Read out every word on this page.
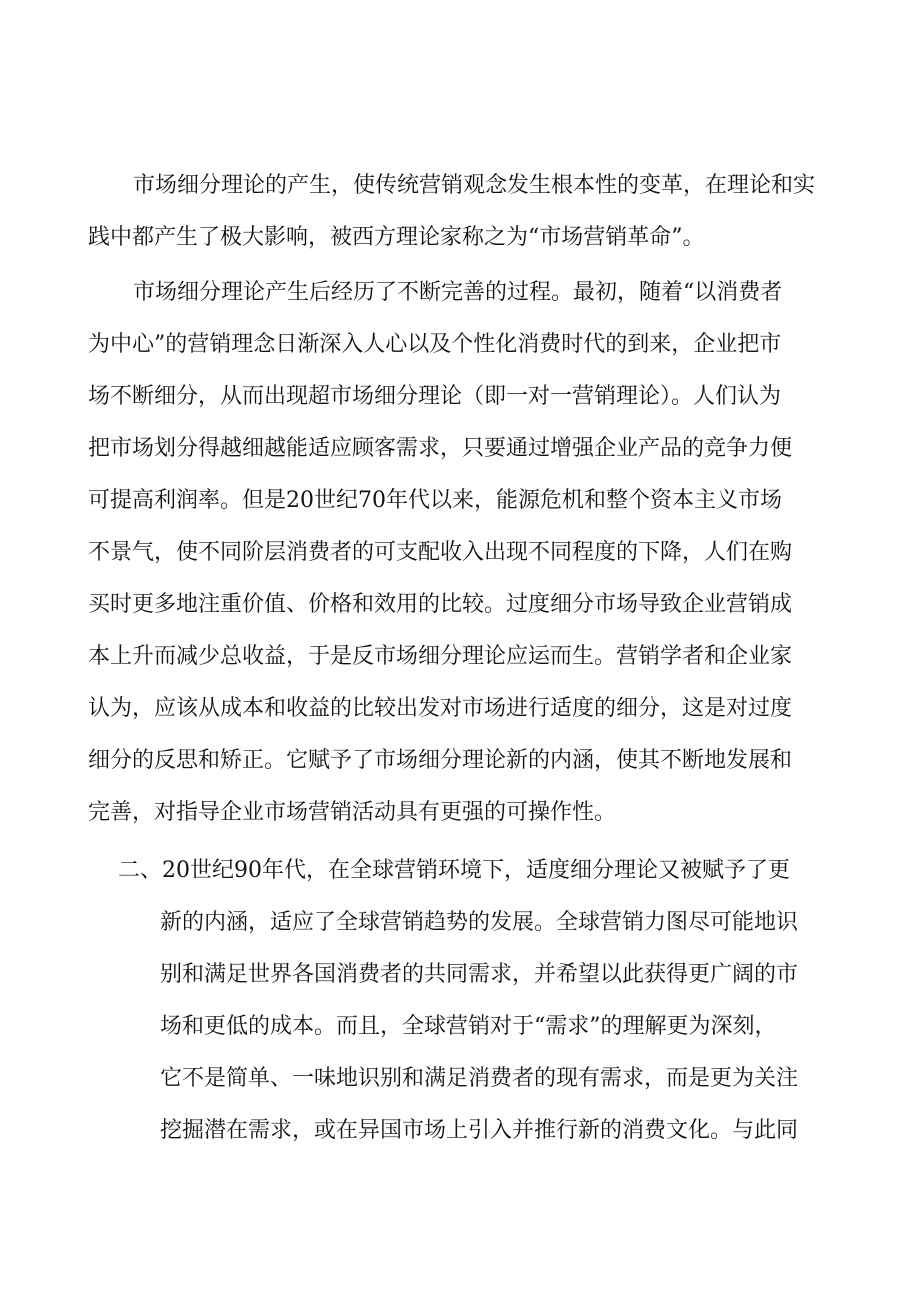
市场细分理论的产生，使传统营销观念发生根本性的变革，在理论和实
践中都产生了极大影响，被西方理论家称之为“市场营销革命”。
市场细分理论产生后经历了不断完善的过程。最初，随着“以消费者
为中心”的营销理念日渐深入人心以及个性化消费时代的到来，企业把市
场不断细分，从而出现超市场细分理论（即一对一营销理论）。人们认为
把市场划分得越细越能适应顾客需求，只要通过增强企业产品的竞争力便
可提高利润率。但是20世纪70年代以来，能源危机和整个资本主义市场
不景气，使不同阶层消费者的可支配收入出现不同程度的下降，人们在购
买时更多地注重价值、价格和效用的比较。过度细分市场导致企业营销成
本上升而减少总收益，于是反市场细分理论应运而生。营销学者和企业家
认为，应该从成本和收益的比较出发对市场进行适度的细分，这是对过度
细分的反思和矫正。它赋予了市场细分理论新的内涵，使其不断地发展和
完善，对指导企业市场营销活动具有更强的可操作性。
二、20世纪90年代，在全球营销环境下，适度细分理论又被赋予了更
新的内涵，适应了全球营销趋势的发展。全球营销力图尽可能地识
别和满足世界各国消费者的共同需求，并希望以此获得更广阔的市
场和更低的成本。而且，全球营销对于“需求”的理解更为深刻，
它不是简单、一味地识别和满足消费者的现有需求，而是更为关注
挖掘潜在需求，或在异国市场上引入并推行新的消费文化。与此同
